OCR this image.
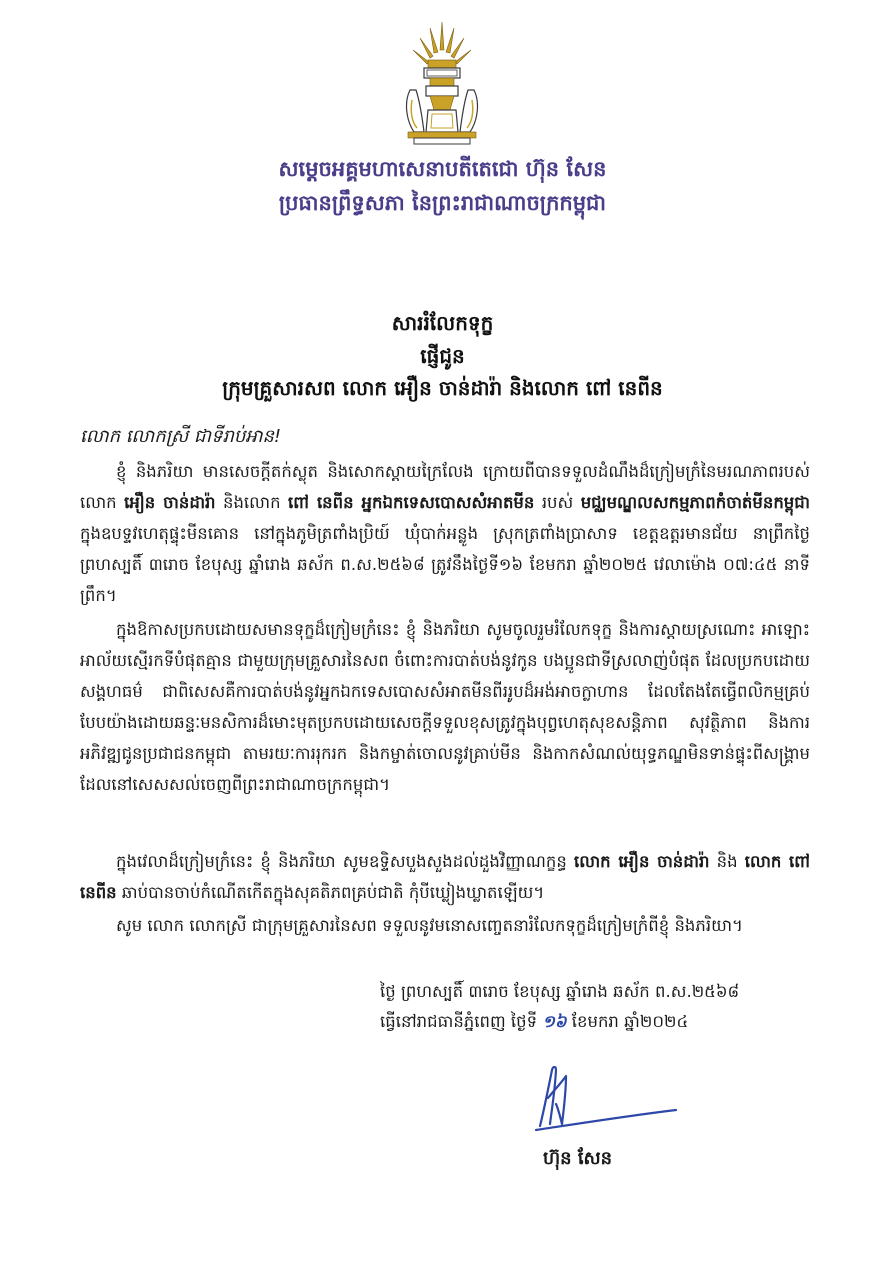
សម្តេចអគ្គមហាសេនាបតីតេជោ ហ៊ុន សែន
ប្រធានព្រឹទ្ធសភា នៃព្រះរាជាណាចក្រកម្ពុជា
សាររំលែកទុក្ខ
ផ្ញើជូន
ក្រុមគ្រួសារសព លោក អឿន ចាន់ដារ៉ា និងលោក ពៅ នេពីន
លោក លោកស្រី ជាទីរាប់អាន!
ខ្ញុំ និងភរិយា មានសេចក្តីតក់ស្លុត និងសោកស្តាយក្រៃលែង ក្រោយពីបានទទួលដំណឹងដ៏ក្រៀមក្រំនៃមរណភាពរបស់ លោក អឿន ចាន់ដារ៉ា និងលោក ពៅ នេពីន អ្នកឯកទេសបោសសំអាតមីន របស់ មជ្ឈមណ្ឌលសកម្មភាពកំចាត់មីនកម្ពុជា ក្នុងឧបទ្ទវហេតុផ្ទុះមីនគោន នៅក្នុងភូមិត្រពាំងប្រិយ៍ ឃុំបាក់អន្លូង ស្រុកត្រពាំងប្រាសាទ ខេត្តឧត្តរមានជ័យ នាព្រឹកថ្ងៃព្រហស្បតិ៍ ៣រោច ខែបុស្ស ឆ្នាំរោង ឆស័ក ព.ស.២៥៦៨ ត្រូវនឹងថ្ងៃទី១៦ ខែមករា ឆ្នាំ២០២៥ វេលាម៉ោង ០៧:៤៥ នាទីព្រឹក។
ក្នុងឱកាសប្រកបដោយសមានទុក្ខដ៏ក្រៀមក្រំនេះ ខ្ញុំ និងភរិយា សូមចូលរួមរំលែកទុក្ខ និងការស្តាយស្រណោះ អាឡោះអាល័យស្មើរកទីបំផុតគ្មាន ជាមួយក្រុមគ្រួសារនៃសព ចំពោះការបាត់បង់នូវកូន បងប្អូនជាទីស្រលាញ់បំផុត ដែលប្រកបដោយសង្គហធម៌ ជាពិសេសគឺការបាត់បង់នូវអ្នកឯកទេសបោសសំអាតមីនពីររូបដ៏អង់អាចក្លាហាន ដែលតែងតែធ្វើពលិកម្មគ្រប់បែបយ៉ាងដោយឆន្ទៈមនសិការដ៏មោះមុតប្រកបដោយសេចក្តីទទួលខុសត្រូវក្នុងបុព្វហេតុសុខសន្តិភាព សុវត្ថិភាព និងការអភិវឌ្ឍជូនប្រជាជនកម្ពុជា តាមរយៈការរុករក និងកម្ចាត់ចោលនូវគ្រាប់មីន និងកាកសំណល់យុទ្ធភណ្ឌមិនទាន់ផ្ទុះពីសង្គ្រាម ដែលនៅសេសសល់ចេញពីព្រះរាជាណាចក្រកម្ពុជា។
ក្នុងវេលាដ៏ក្រៀមក្រំនេះ ខ្ញុំ និងភរិយា សូមឧទ្ទិសបួងសួងដល់ដួងវិញ្ញាណក្ខន្ធ លោក អឿន ចាន់ដារ៉ា និង លោក ពៅ នេពីន ឆាប់បានចាប់កំណើតកើតក្នុងសុគតិភពគ្រប់ជាតិ កុំបីឃ្លៀងឃ្លាតឡើយ។
សូម លោក លោកស្រី ជាក្រុមគ្រួសារនៃសព ទទួលនូវមនោសញ្ចេតនារំលែកទុក្ខដ៏ក្រៀមក្រំពីខ្ញុំ និងភរិយា។
ថ្ងៃ ព្រហស្បតិ៍ ៣រោច ខែបុស្ស ឆ្នាំរោង ឆស័ក ព.ស.២៥៦៨
ធ្វើនៅរាជធានីភ្នំពេញ ថ្ងៃទី ១៦ ខែមករា ឆ្នាំ២០២៤
ហ៊ុន សែន
